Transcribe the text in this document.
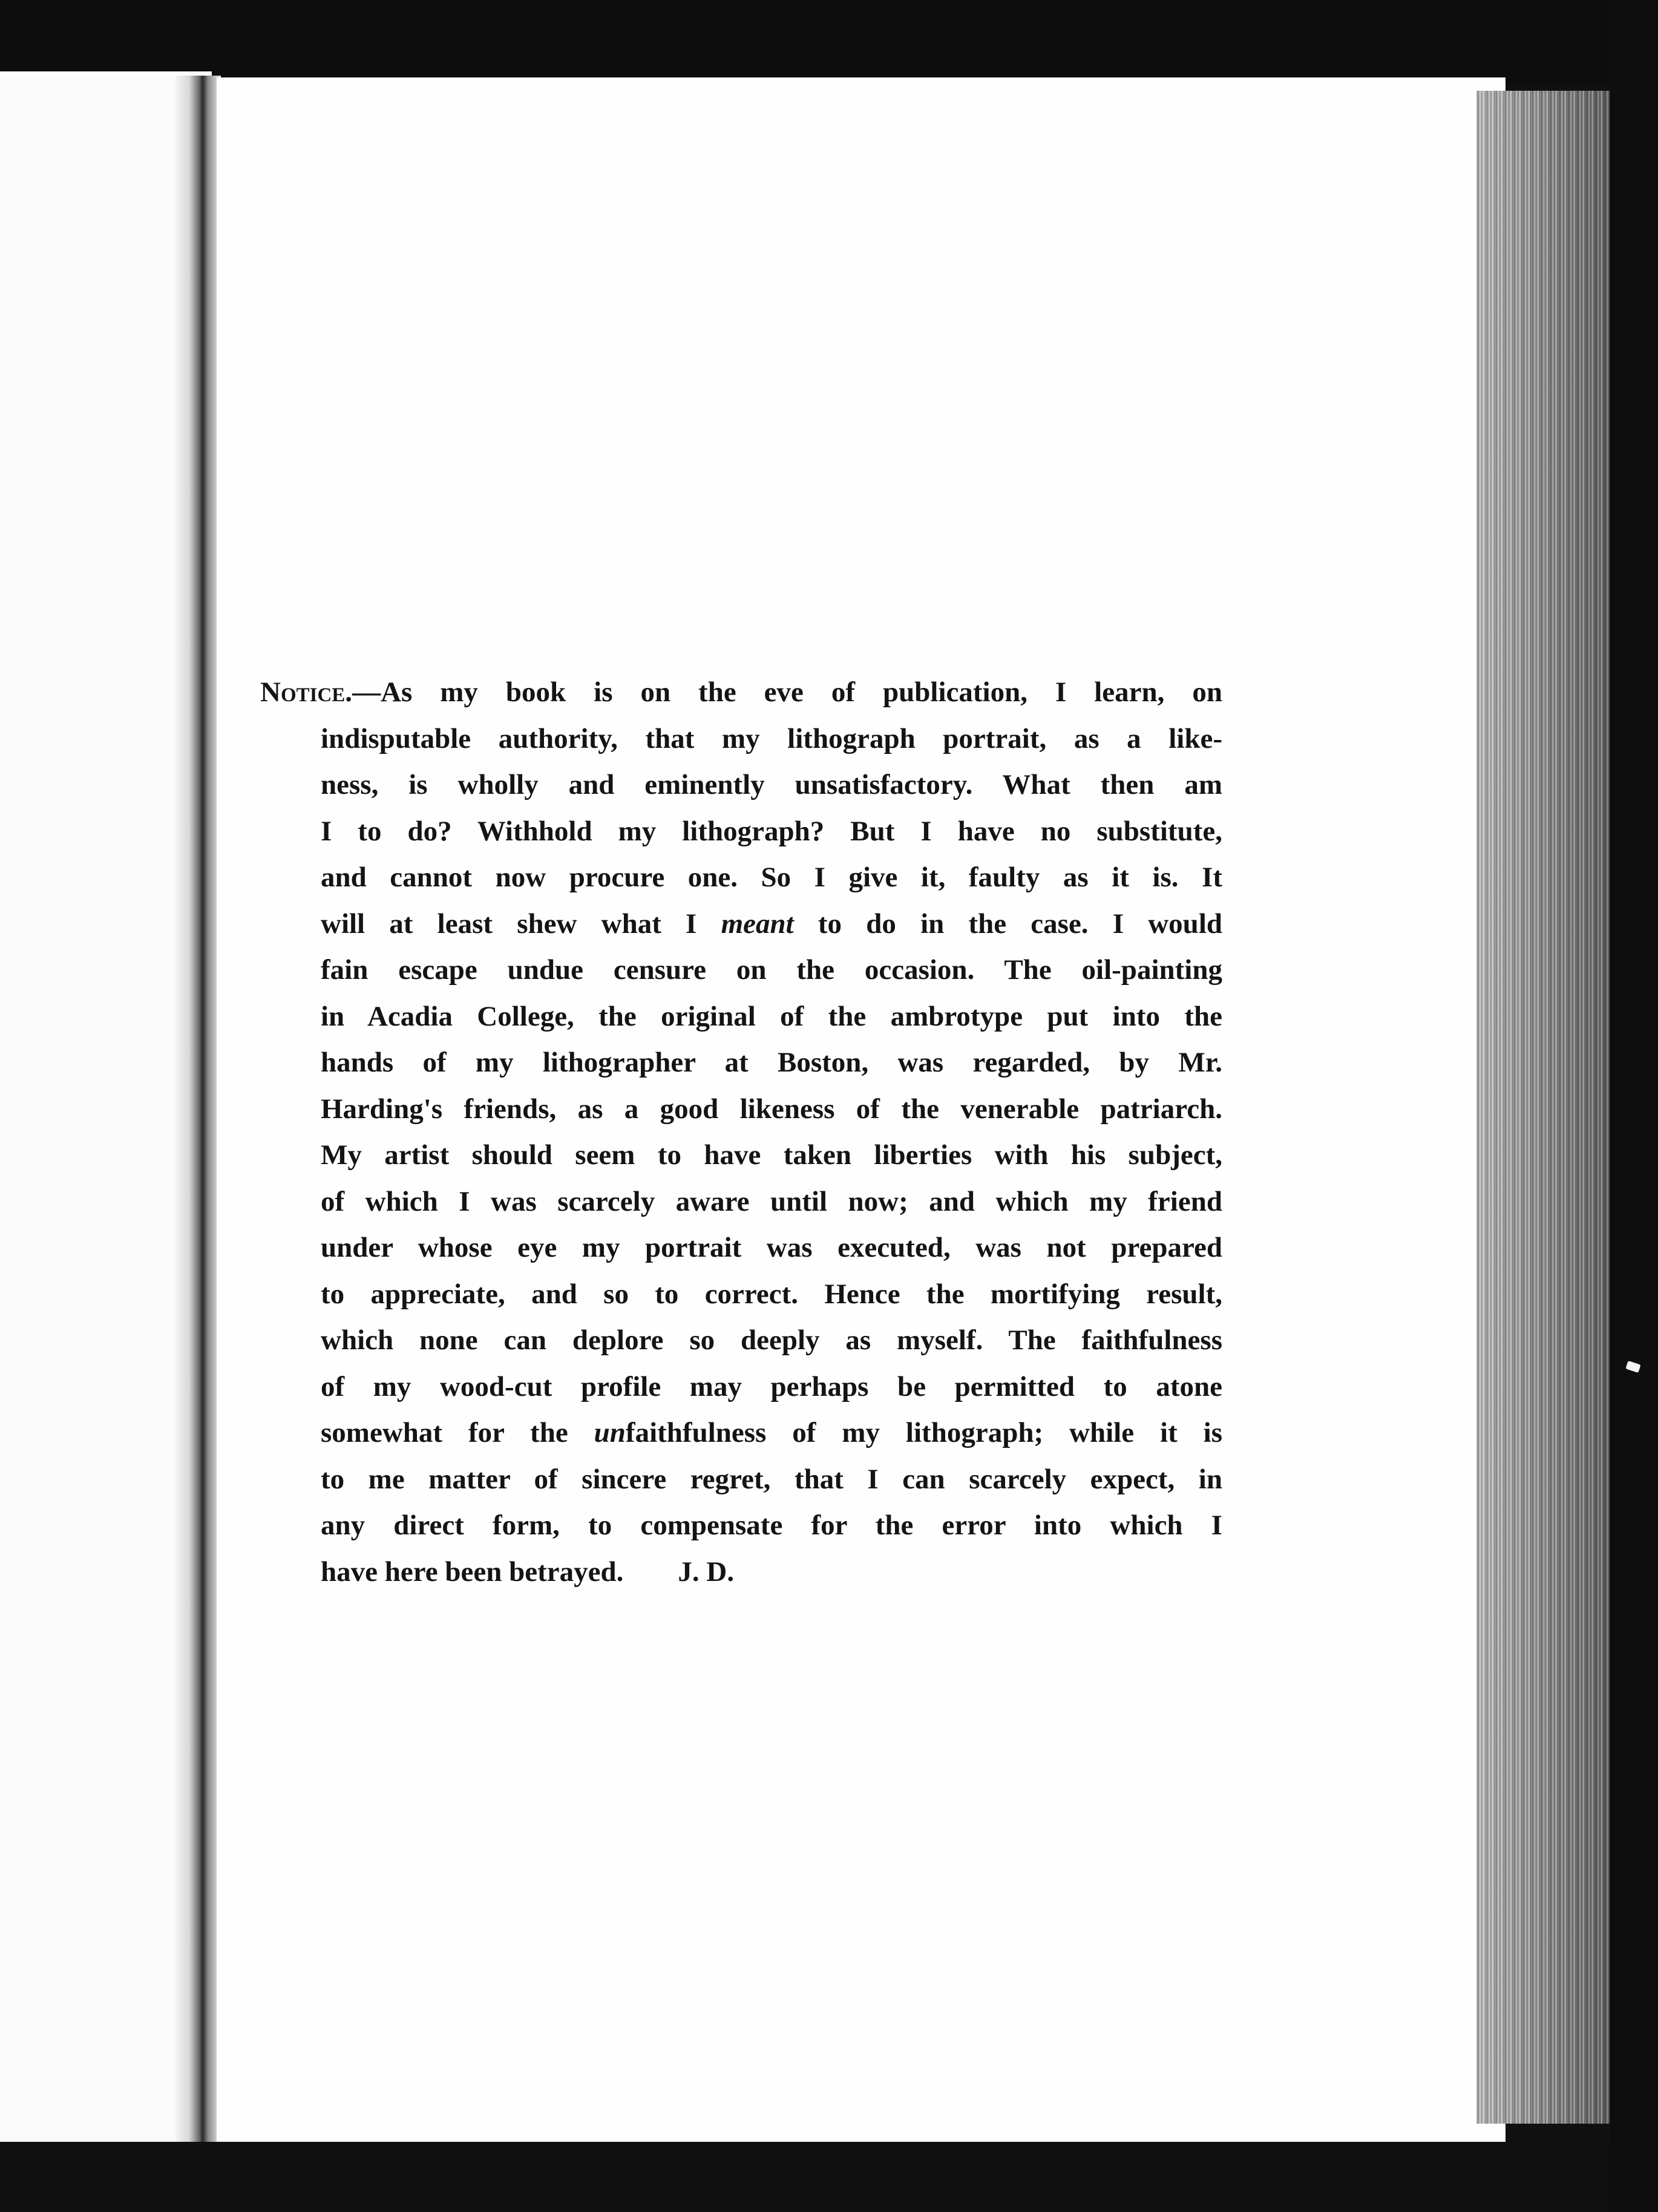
Notice.—As my book is on the eve of publication, I learn, on
indisputable authority, that my lithograph portrait, as a like-
ness, is wholly and eminently unsatisfactory. What then am
I to do? Withhold my lithograph? But I have no substitute,
and cannot now procure one. So I give it, faulty as it is. It
will at least shew what I meant to do in the case. I would
fain escape undue censure on the occasion. The oil-painting
in Acadia College, the original of the ambrotype put into the
hands of my lithographer at Boston, was regarded, by Mr.
Harding's friends, as a good likeness of the venerable patriarch.
My artist should seem to have taken liberties with his subject,
of which I was scarcely aware until now; and which my friend
under whose eye my portrait was executed, was not prepared
to appreciate, and so to correct. Hence the mortifying result,
which none can deplore so deeply as myself. The faithfulness
of my wood-cut profile may perhaps be permitted to atone
somewhat for the unfaithfulness of my lithograph; while it is
to me matter of sincere regret, that I can scarcely expect, in
any direct form, to compensate for the error into which I
have here been betrayed. J. D.
